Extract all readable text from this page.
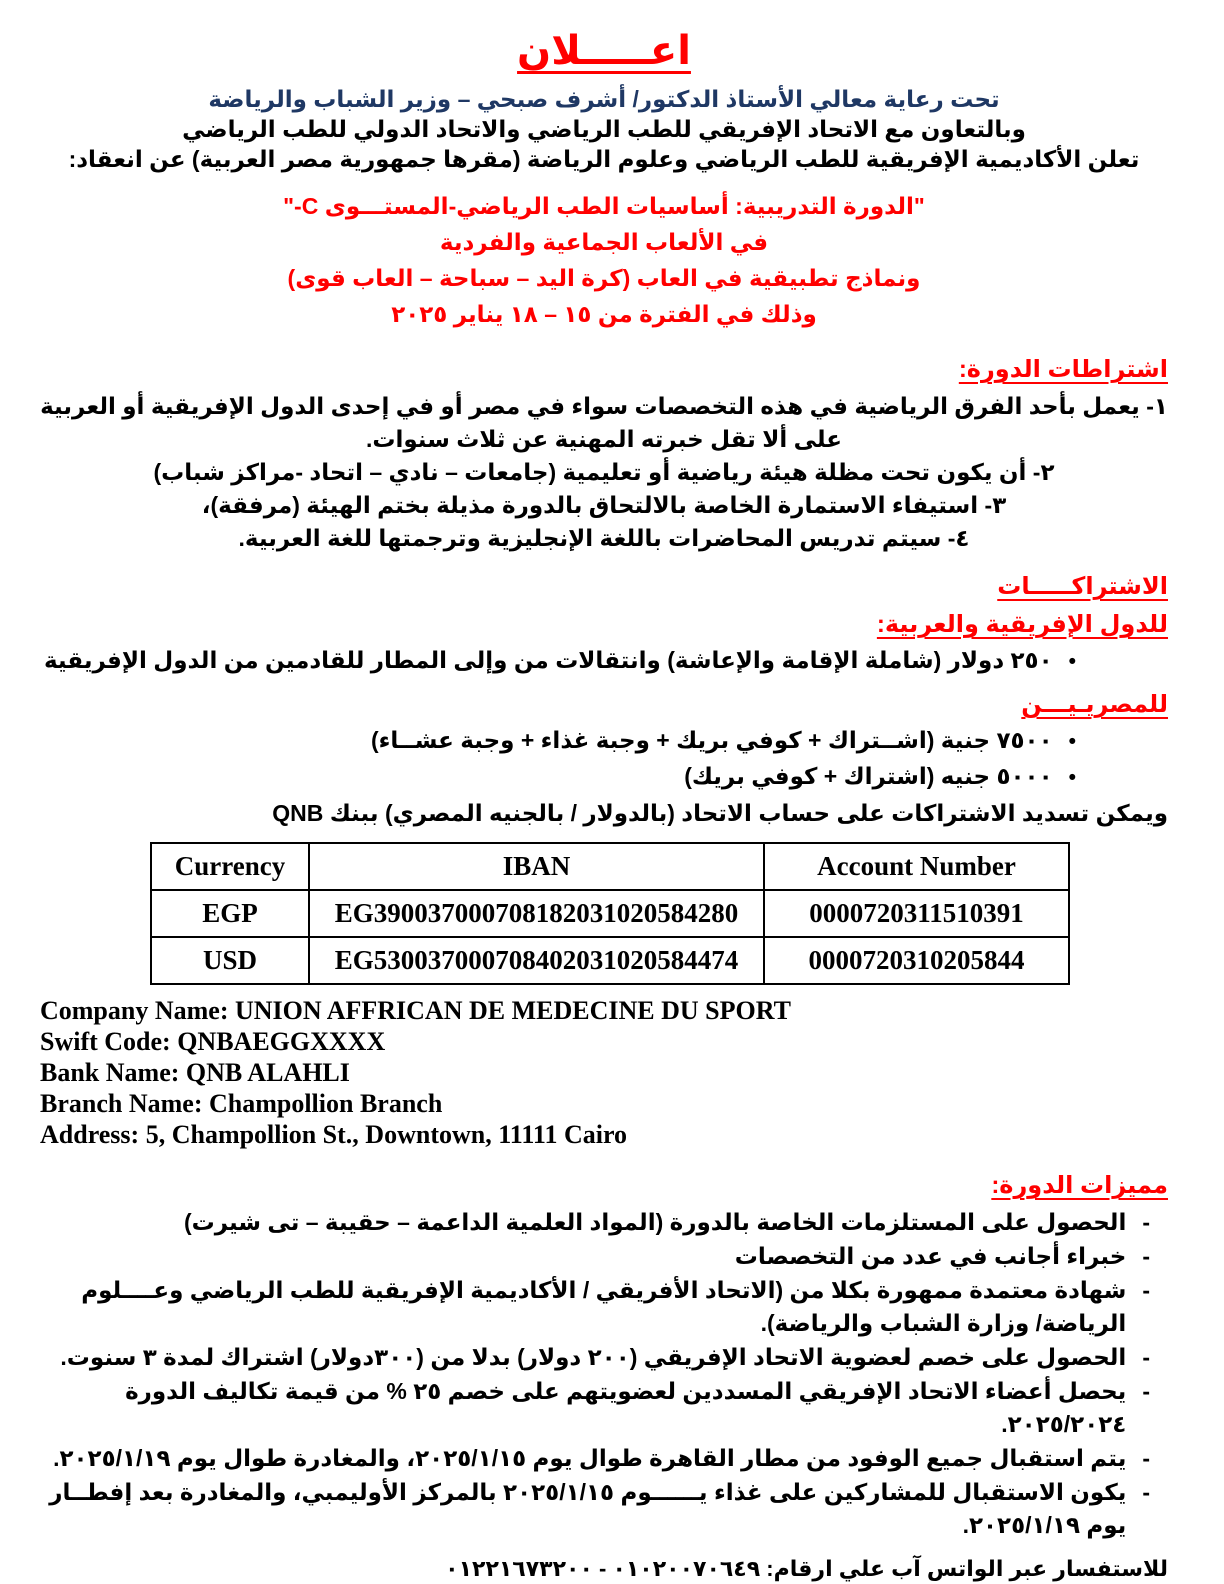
اعـــــلان
تحت رعاية معالي الأستاذ الدكتور/ أشرف صبحي – وزير الشباب والرياضة
وبالتعاون مع الاتحاد الإفريقي للطب الرياضي والاتحاد الدولي للطب الرياضي
تعلن الأكاديمية الإفريقية للطب الرياضي وعلوم الرياضة (مقرها جمهورية مصر العربية) عن انعقاد:
"الدورة التدريبية: أساسيات الطب الرياضي-المستـــوى C-"
في الألعاب الجماعية والفردية
ونماذج تطبيقية في العاب (كرة اليد – سباحة – العاب قوى)
وذلك في الفترة من ١٥ – ١٨ يناير ٢٠٢٥
اشتراطات الدورة:
١- يعمل بأحد الفرق الرياضية في هذه التخصصات سواء في مصر أو في إحدى الدول الإفريقية أو العربية على ألا تقل خبرته المهنية عن ثلاث سنوات.
٢- أن يكون تحت مظلة هيئة رياضية أو تعليمية (جامعات – نادي – اتحاد -مراكز شباب)
٣- استيفاء الاستمارة الخاصة بالالتحاق بالدورة مذيلة بختم الهيئة (مرفقة)،
٤- سيتم تدريس المحاضرات باللغة الإنجليزية وترجمتها للغة العربية.
الاشتراكـــــات
للدول الإفريقية والعربية:
•٢٥٠ دولار (شاملة الإقامة والإعاشة) وانتقالات من وإلى المطار للقادمين من الدول الإفريقية
للمصريـيـــن
•٧٥٠٠ جنية (اشــتراك + كوفي بريك + وجبة غذاء + وجبة عشــاء)
•٥٠٠٠ جنيه (اشتراك + كوفي بريك)
ويمكن تسديد الاشتراكات على حساب الاتحاد (بالدولار / بالجنيه المصري) ببنك QNB
Currency	IBAN	Account Number
EGP	EG390037000708182031020584280	0000720311510391
USD	EG530037000708402031020584474	0000720310205844
Company Name: UNION AFFRICAN DE MEDECINE DU SPORT
Swift Code: QNBAEGGXXXX
Bank Name: QNB ALAHLI
Branch Name: Champollion Branch
Address: 5, Champollion St., Downtown, 11111 Cairo
مميزات الدورة:
-
الحصول على المستلزمات الخاصة بالدورة (المواد العلمية الداعمة – حقيبة – تى شيرت)
-
خبراء أجانب في عدد من التخصصات
-
شهادة معتمدة ممهورة بكلا من (الاتحاد الأفريقي / الأكاديمية الإفريقية للطب الرياضي وعــــلوم الرياضة/ وزارة الشباب والرياضة).
-
الحصول على خصم لعضوية الاتحاد الإفريقي (٢٠٠ دولار) بدلا من (٣٠٠دولار) اشتراك لمدة ٣ سنوت.
-
يحصل أعضاء الاتحاد الإفريقي المسددين لعضويتهم على خصم ٢٥ % من قيمة تكاليف الدورة ٢٠٢٥/٢٠٢٤.
-
يتم استقبال جميع الوفود من مطار القاهرة طوال يوم ٢٠٢٥/١/١٥، والمغادرة طوال يوم ٢٠٢٥/١/١٩.
-
يكون الاستقبال للمشاركين على غذاء يــــــوم ٢٠٢٥/١/١٥ بالمركز الأوليمبي، والمغادرة بعد إفطــار يوم ٢٠٢٥/١/١٩.
للاستفسار عبر الواتس آب علي ارقام: ٠١٠٢٠٠٧٠٦٤٩ - ٠١٢٢١٦٧٣٢٠٠
